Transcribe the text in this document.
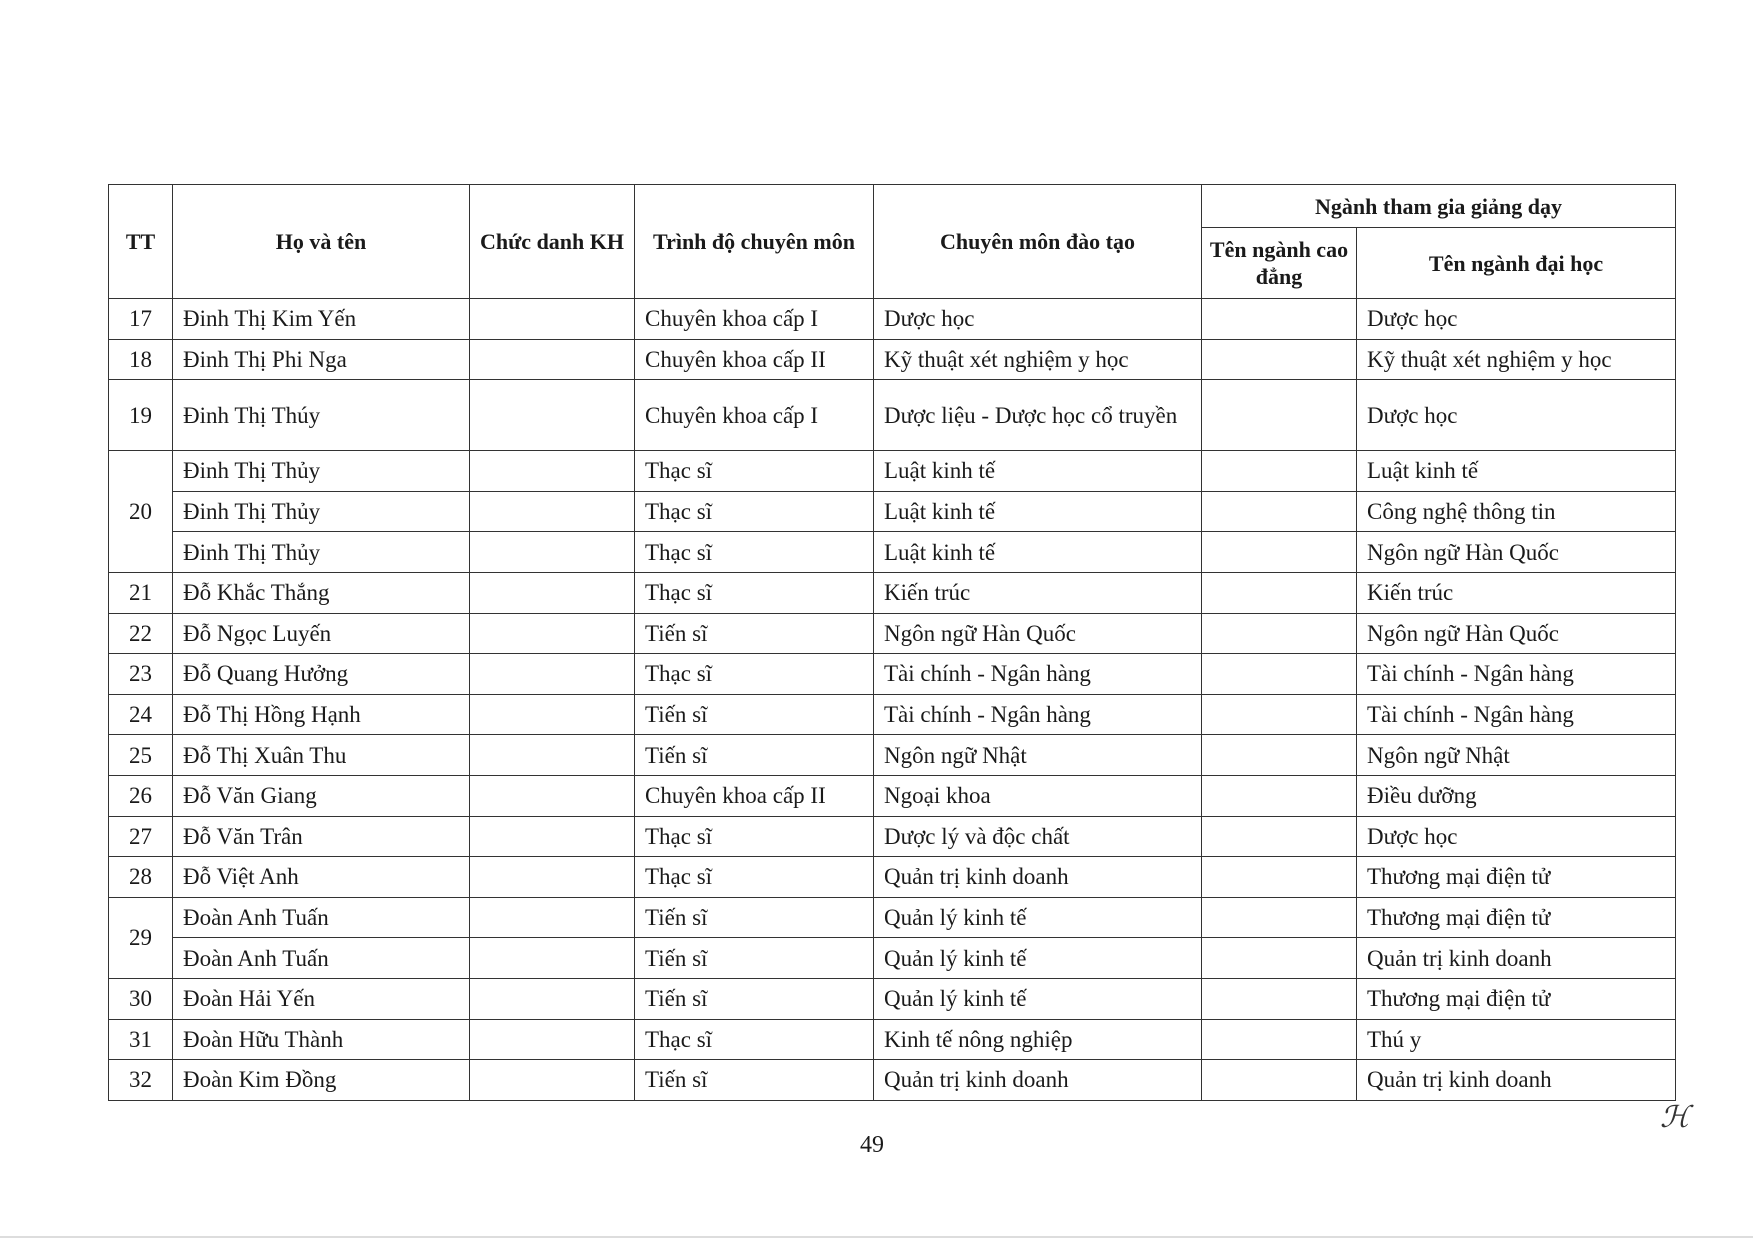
TT	Họ và tên	Chức danh KH	Trình độ chuyên môn	Chuyên môn đào tạo	Ngành tham gia giảng dạy	
					Tên ngành cao đẳng	Tên ngành đại học
17	Đinh Thị Kim Yến		Chuyên khoa cấp I	Dược học		Dược học
18	Đinh Thị Phi Nga		Chuyên khoa cấp II	Kỹ thuật xét nghiệm y học		Kỹ thuật xét nghiệm y học
19	Đinh Thị Thúy		Chuyên khoa cấp I	Dược liệu - Dược học cổ truyền		Dược học
20	Đinh Thị Thủy		Thạc sĩ	Luật kinh tế		Luật kinh tế
	Đinh Thị Thủy		Thạc sĩ	Luật kinh tế		Công nghệ thông tin
	Đinh Thị Thủy		Thạc sĩ	Luật kinh tế		Ngôn ngữ Hàn Quốc
21	Đỗ Khắc Thắng		Thạc sĩ	Kiến trúc		Kiến trúc
22	Đỗ Ngọc Luyến		Tiến sĩ	Ngôn ngữ Hàn Quốc		Ngôn ngữ Hàn Quốc
23	Đỗ Quang Hưởng		Thạc sĩ	Tài chính - Ngân hàng		Tài chính - Ngân hàng
24	Đỗ Thị Hồng Hạnh		Tiến sĩ	Tài chính - Ngân hàng		Tài chính - Ngân hàng
25	Đỗ Thị Xuân Thu		Tiến sĩ	Ngôn ngữ Nhật		Ngôn ngữ Nhật
26	Đỗ Văn Giang		Chuyên khoa cấp II	Ngoại khoa		Điều dưỡng
27	Đỗ Văn Trân		Thạc sĩ	Dược lý và độc chất		Dược học
28	Đỗ Việt Anh		Thạc sĩ	Quản trị kinh doanh		Thương mại điện tử
29	Đoàn Anh Tuấn		Tiến sĩ	Quản lý kinh tế		Thương mại điện tử
	Đoàn Anh Tuấn		Tiến sĩ	Quản lý kinh tế		Quản trị kinh doanh
30	Đoàn Hải Yến		Tiến sĩ	Quản lý kinh tế		Thương mại điện tử
31	Đoàn Hữu Thành		Thạc sĩ	Kinh tế nông nghiệp		Thú y
32	Đoàn Kim Đồng		Tiến sĩ	Quản trị kinh doanh		Quản trị kinh doanh
49
ℋ
